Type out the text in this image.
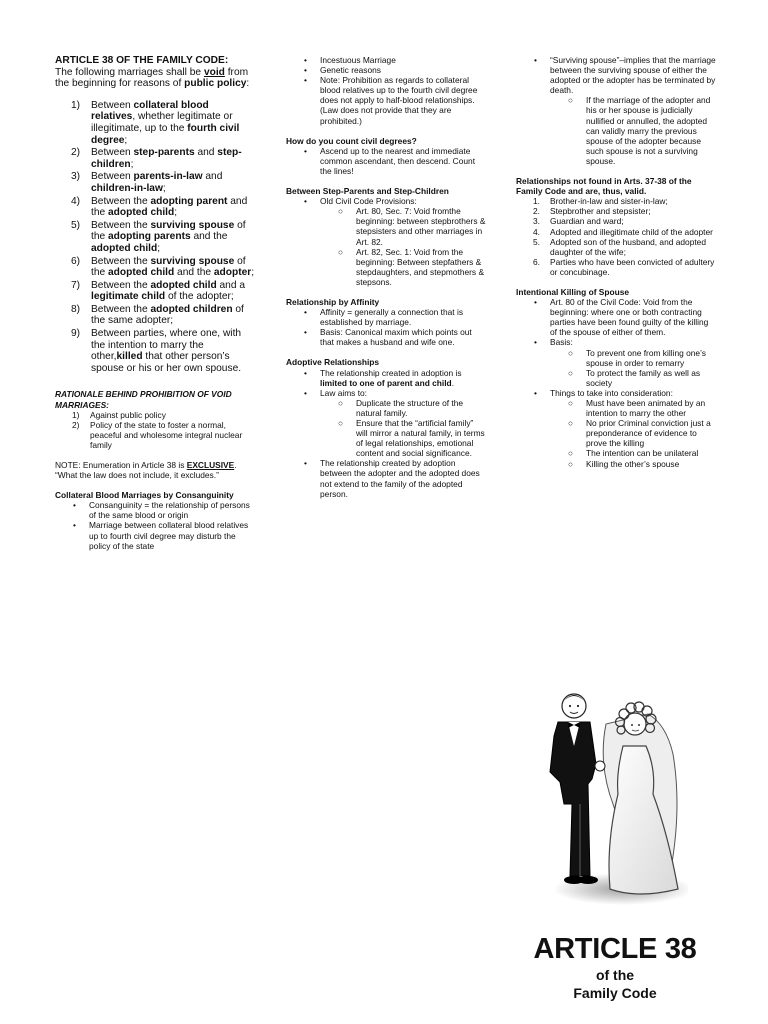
ARTICLE 38 OF THE FAMILY CODE:

The following marriages shall be void from the beginning for reasons of public policy:

1) Between collateral blood relatives, whether legitimate or illegitimate, up to the fourth civil degree;
2) Between step-parents and step-children;
3) Between parents-in-law and children-in-law;
4) Between the adopting parent and the adopted child;
5) Between the surviving spouse of the adopting parents and the adopted child;
6) Between the surviving spouse of the adopted child and the adopter;
7) Between the adopted child and a legitimate child of the adopter;
8) Between the adopted children of the same adopter;
9) Between parties, where one, with the intention to marry the other,killed that other person’s spouse or his or her own spouse.

RATIONALE BEHIND PROHIBITION OF VOID MARRIAGES:

1) Against public policy
2) Policy of the state to foster a normal, peaceful and wholesome integral nuclear family

NOTE: Enumeration in Article 38 is EXCLUSIVE.

“What the law does not include, it excludes.”

Collateral Blood Marriages by Consanguinity

• Consanguinity = the relationship of persons of the same blood or origin
• Marriage between collateral blood relatives up to fourth civil degree may disturb the policy of the state
• Incestuous Marriage
• Genetic reasons
• Note: Prohibition as regards to collateral blood relatives up to the fourth civil degree does not apply to half-blood relationships. (Law does not provide that they are prohibited.)

How do you count civil degrees?

• Ascend up to the nearest and immediate common ascendant, then descend. Count the lines!

Between Step-Parents and Step-Children

• Old Civil Code Provisions:
○ Art. 80, Sec. 7: Void fromthe beginning: between stepbrothers & stepsisters and other marriages in Art. 82.
○ Art. 82, Sec. 1: Void from the beginning: Between stepfathers & stepdaughters, and stepmothers & stepsons.

Relationship by Affinity

• Affinity = generally a connection that is established by marriage.
• Basis: Canonical maxim which points out that makes a husband and wife one.

Adoptive Relationships

• The relationship created in adoption is limited to one of parent and child.
• Law aims to:
○ Duplicate the structure of the natural family.
○ Ensure that the “artificial family” will mirror a natural family, in terms of legal relationships, emotional content and social significance.
• The relationship created by adoption between the adopter and the adopted does not extend to the family of the adopted person.
• “Surviving spouse”–implies that the marriage between the surviving spouse of either the adopted or the adopter has be terminated by death.
○ If the marriage of the adopter and his or her spouse is judicially nullified or annulled, the adopted can validly marry the previous spouse of the adopter because such spouse is not a surviving spouse.

Relationships not found in Arts. 37-38 of the Family Code and are, thus, valid.

1. Brother-in-law and sister-in-law;
2. Stepbrother and stepsister;
3. Guardian and ward;
4. Adopted and illegitimate child of the adopter
5. Adopted son of the husband, and adopted daughter of the wife;
6. Parties who have been convicted of adultery or concubinage.

Intentional Killing of Spouse

• Art. 80 of the Civil Code: Void from the beginning: where one or both contracting parties have been found guilty of the killing of the spouse of either of them.
• Basis:
○ To prevent one from killing one’s spouse in order to remarry
○ To protect the family as well as society
• Things to take into consideration:
○ Must have been animated by an intention to marry the other
○ No prior Criminal conviction just a preponderance of evidence to prove the killing
○ The intention can be unilateral
○ Killing the other’s spouse
ARTICLE 38
of the
Family Code
